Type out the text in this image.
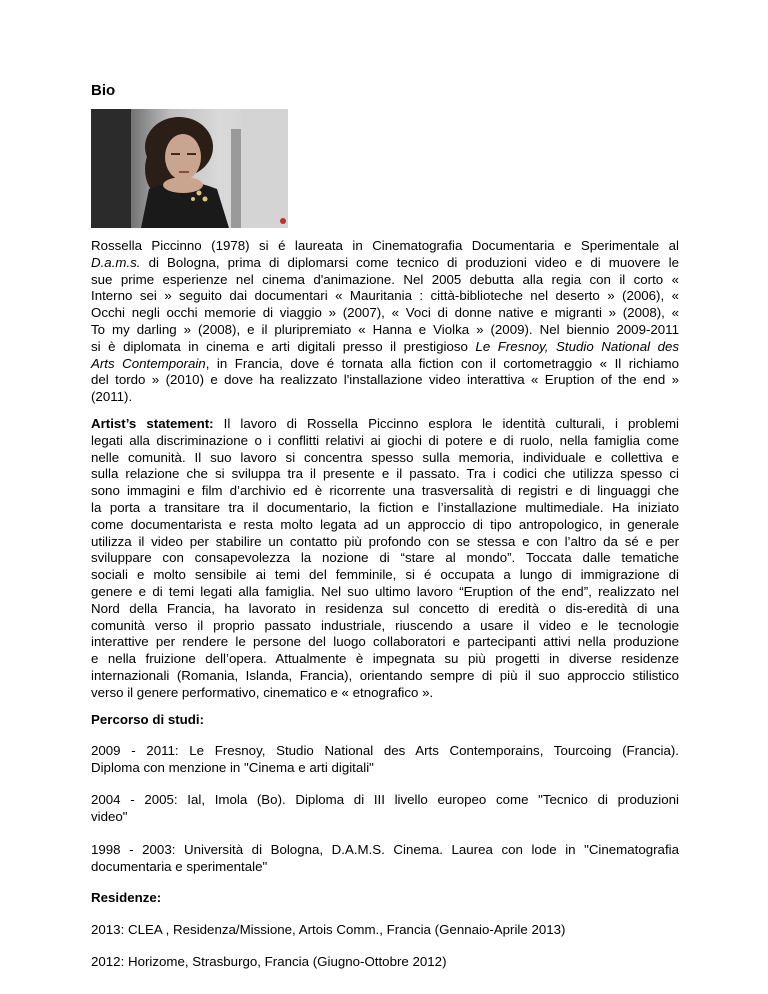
Bio

Rossella Piccinno (1978) si é laureata in Cinematografia Documentaria e Sperimentale al

D.a.m.s. di Bologna, prima di diplomarsi come tecnico di produzioni video e di muovere le

sue prime esperienze nel cinema d'animazione. Nel 2005 debutta alla regia con il corto «

Interno sei » seguito dai documentari « Mauritania : città-biblioteche nel deserto » (2006), «

Occhi negli occhi memorie di viaggio » (2007), « Voci di donne native e migranti » (2008), «

To my darling » (2008), e il pluripremiato « Hanna e Violka » (2009). Nel biennio 2009-2011

si è diplomata in cinema e arti digitali presso il prestigioso Le Fresnoy, Studio National des

Arts Contemporain, in Francia, dove é tornata alla fiction con il cortometraggio « Il richiamo

del tordo » (2010) e dove ha realizzato l'installazione video interattiva « Eruption of the end »

(2011).

Artist’s statement: Il lavoro di Rossella Piccinno esplora le identità culturali, i problemi

legati alla discriminazione o i conflitti relativi ai giochi di potere e di ruolo, nella famiglia come

nelle comunità. Il suo lavoro si concentra spesso sulla memoria, individuale e collettiva e

sulla relazione che si sviluppa tra il presente e il passato. Tra i codici che utilizza spesso ci

sono immagini e film d’archivio ed è ricorrente una trasversalità di registri e di linguaggi che

la porta a transitare tra il documentario, la fiction e l’installazione multimediale. Ha iniziato

come documentarista e resta molto legata ad un approccio di tipo antropologico, in generale

utilizza il video per stabilire un contatto più profondo con se stessa e con l’altro da sé e per

sviluppare con consapevolezza la nozione di “stare al mondo”. Toccata dalle tematiche

sociali e molto sensibile ai temi del femminile, si é occupata a lungo di immigrazione di

genere e di temi legati alla famiglia. Nel suo ultimo lavoro “Eruption of the end”, realizzato nel

Nord della Francia, ha lavorato in residenza sul concetto di eredità o dis-eredità di una

comunità verso il proprio passato industriale, riuscendo a usare il video e le tecnologie

interattive per rendere le persone del luogo collaboratori e partecipanti attivi nella produzione

e nella fruizione dell’opera. Attualmente è impegnata su più progetti in diverse residenze

internazionali (Romania, Islanda, Francia), orientando sempre di più il suo approccio stilistico

verso il genere performativo, cinematico e « etnografico ».

Percorso di studi:

2009 - 2011: Le Fresnoy, Studio National des Arts Contemporains, Tourcoing (Francia).

Diploma con menzione in "Cinema e arti digitali"

2004 - 2005: Ial, Imola (Bo). Diploma di III livello europeo come "Tecnico di produzioni

video"

1998 - 2003: Università di Bologna, D.A.M.S. Cinema. Laurea con lode in "Cinematografia

documentaria e sperimentale"

Residenze:

2013: CLEA , Residenza/Missione, Artois Comm., Francia (Gennaio-Aprile 2013)

2012: Horizome, Strasburgo, Francia (Giugno-Ottobre 2012)
